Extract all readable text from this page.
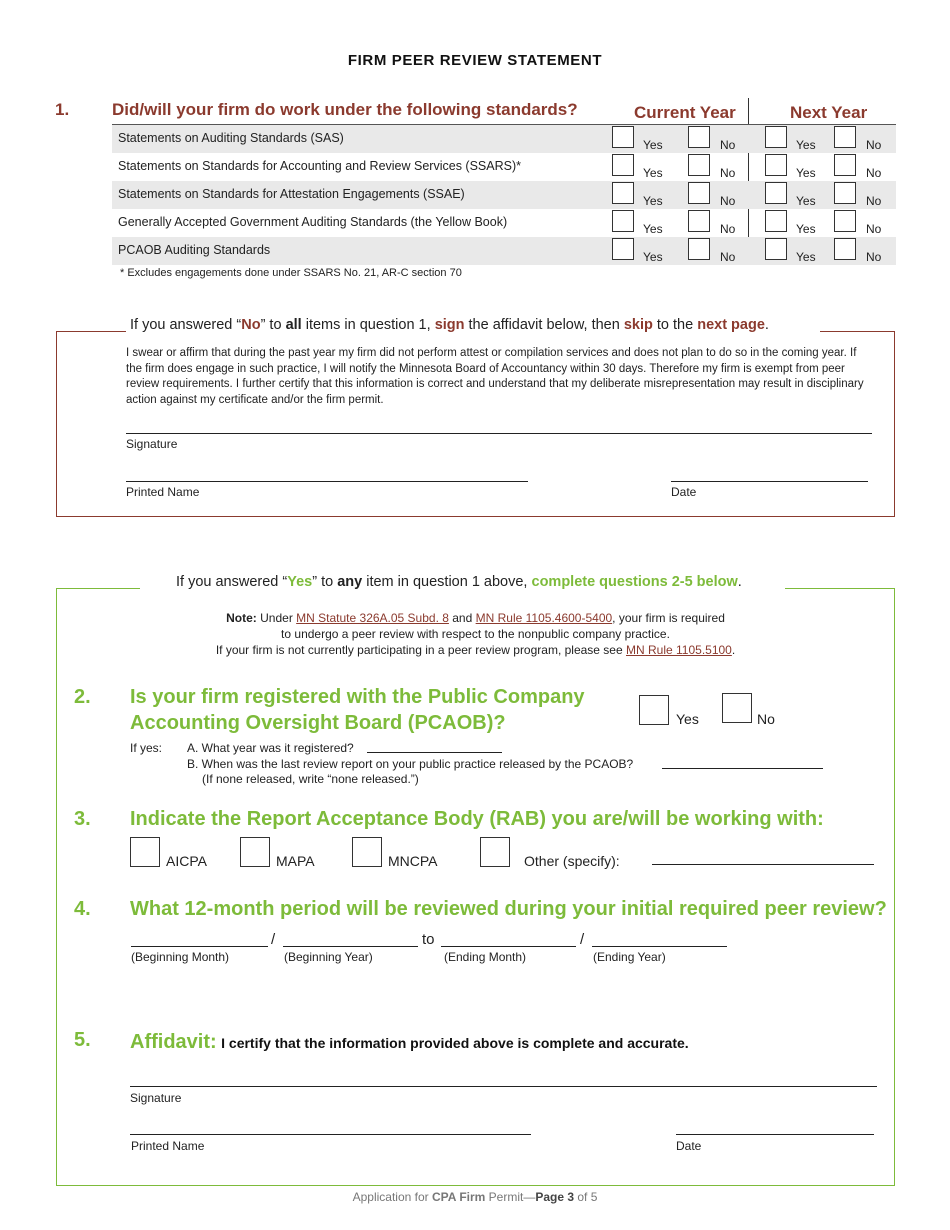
FIRM PEER REVIEW STATEMENT
1.	Did/will your firm do work under the following standards?	Current Year	Next Year
Statements on Auditing Standards (SAS)	Yes	No	Yes	No
Statements on Standards for Accounting and Review Services (SSARS)*	Yes	No	Yes	No
Statements on Standards for Attestation Engagements (SSAE)	Yes	No	Yes	No
Generally Accepted Government Auditing Standards (the Yellow Book)	Yes	No	Yes	No
PCAOB Auditing Standards	Yes	No	Yes	No
* Excludes engagements done under SSARS No. 21, AR-C section 70
If you answered “No” to all items in question 1, sign the affidavit below, then skip to the next page.
I swear or affirm that during the past year my firm did not perform attest or compilation services and does not plan to do so in the coming year. If the firm does engage in such practice, I will notify the Minnesota Board of Accountancy within 30 days. Therefore my firm is exempt from peer review requirements. I further certify that this information is correct and understand that my deliberate misrepresentation may result in disciplinary action against my certificate and/or the firm permit.
Signature
Printed Name	Date
If you answered “Yes” to any item in question 1 above, complete questions 2-5 below.
Note: Under MN Statute 326A.05 Subd. 8 and MN Rule 1105.4600-5400, your firm is required
to undergo a peer review with respect to the nonpublic company practice.
If your firm is not currently participating in a peer review program, please see MN Rule 1105.5100.
2. Is your firm registered with the Public Company
Accounting Oversight Board (PCAOB)?	Yes	No
If yes: A. What year was it registered?
B. When was the last review report on your public practice released by the PCAOB?
(If none released, write “none released.”)
3. Indicate the Report Acceptance Body (RAB) you are/will be working with:
AICPA	MAPA	MNCPA	Other (specify):
4. What 12-month period will be reviewed during your initial required peer review?
/	to	/
(Beginning Month)	(Beginning Year)	(Ending Month)	(Ending Year)
5. Affidavit: I certify that the information provided above is complete and accurate.
Signature
Printed Name	Date
Application for CPA Firm Permit—Page 3 of 5
